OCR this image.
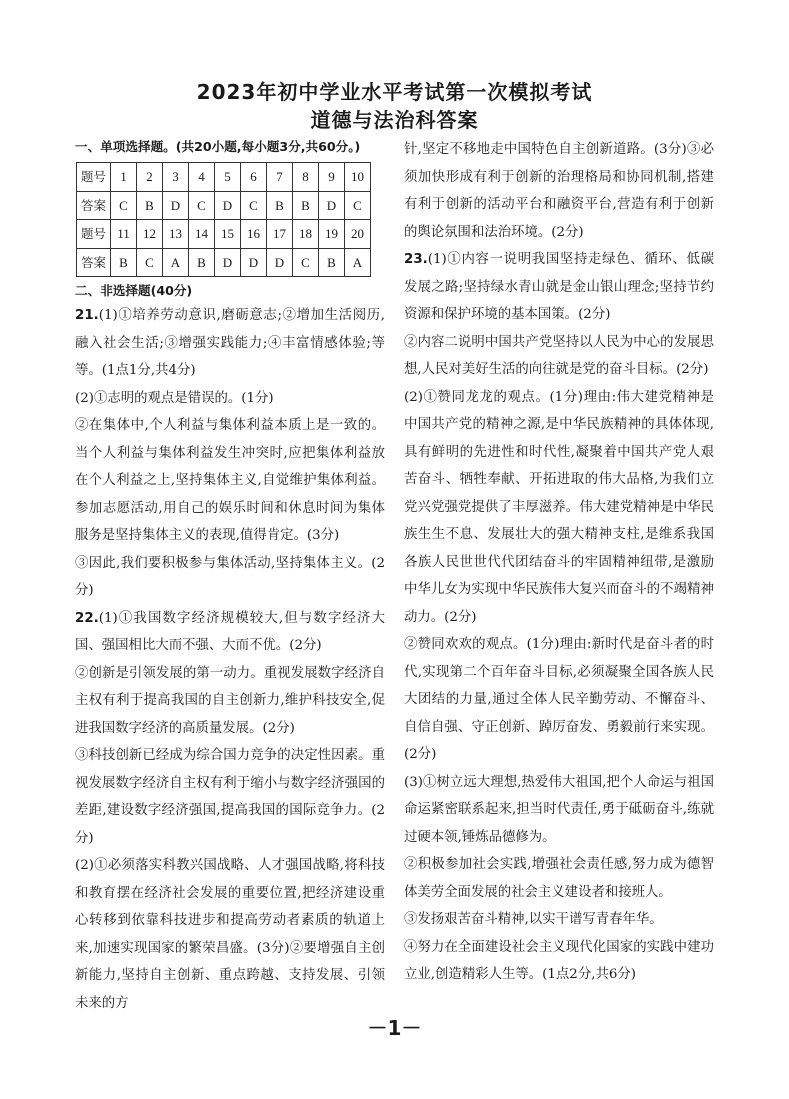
2023年初中学业水平考试第一次模拟考试
道德与法治科答案
一、单项选择题。(共20小题,每小题3分,共60分。)
题号	1	2	3	4	5	6	7	8	9	10
答案	C	B	D	C	D	C	B	B	D	C
题号	11	12	13	14	15	16	17	18	19	20
答案	B	C	A	B	D	D	D	C	B	A
二、非选择题(40分)

21.(1)①培养劳动意识,磨砺意志;②增加生活阅历,融入社会生活;③增强实践能力;④丰富情感体验;等等。(1点1分,共4分)

(2)①志明的观点是错误的。(1分)

②在集体中,个人利益与集体利益本质上是一致的。当个人利益与集体利益发生冲突时,应把集体利益放在个人利益之上,坚持集体主义,自觉维护集体利益。参加志愿活动,用自己的娱乐时间和休息时间为集体服务是坚持集体主义的表现,值得肯定。(3分)

③因此,我们要积极参与集体活动,坚持集体主义。(2分)

22.(1)①我国数字经济规模较大,但与数字经济大国、强国相比大而不强、大而不优。(2分)

②创新是引领发展的第一动力。重视发展数字经济自主权有利于提高我国的自主创新力,维护科技安全,促进我国数字经济的高质量发展。(2分)

③科技创新已经成为综合国力竞争的决定性因素。重视发展数字经济自主权有利于缩小与数字经济强国的差距,建设数字经济强国,提高我国的国际竞争力。(2分)

(2)①必须落实科教兴国战略、人才强国战略,将科技和教育摆在经济社会发展的重要位置,把经济建设重心转移到依靠科技进步和提高劳动者素质的轨道上来,加速实现国家的繁荣昌盛。(3分)②要增强自主创新能力,坚持自主创新、重点跨越、支持发展、引领未来的方

针,坚定不移地走中国特色自主创新道路。(3分)③必须加快形成有利于创新的治理格局和协同机制,搭建有利于创新的活动平台和融资平台,营造有利于创新的舆论氛围和法治环境。(2分)

23.(1)①内容一说明我国坚持走绿色、循环、低碳发展之路;坚持绿水青山就是金山银山理念;坚持节约资源和保护环境的基本国策。(2分)

②内容二说明中国共产党坚持以人民为中心的发展思想,人民对美好生活的向往就是党的奋斗目标。(2分)

(2)①赞同龙龙的观点。(1分)理由:伟大建党精神是中国共产党的精神之源,是中华民族精神的具体体现,具有鲜明的先进性和时代性,凝聚着中国共产党人艰苦奋斗、牺牲奉献、开拓进取的伟大品格,为我们立党兴党强党提供了丰厚滋养。伟大建党精神是中华民族生生不息、发展壮大的强大精神支柱,是维系我国各族人民世世代代团结奋斗的牢固精神纽带,是激励中华儿女为实现中华民族伟大复兴而奋斗的不竭精神动力。(2分)

②赞同欢欢的观点。(1分)理由:新时代是奋斗者的时代,实现第二个百年奋斗目标,必须凝聚全国各族人民大团结的力量,通过全体人民辛勤劳动、不懈奋斗、自信自强、守正创新、踔厉奋发、勇毅前行来实现。(2分)

(3)①树立远大理想,热爱伟大祖国,把个人命运与祖国命运紧密联系起来,担当时代责任,勇于砥砺奋斗,练就过硬本领,锤炼品德修为。

②积极参加社会实践,增强社会责任感,努力成为德智体美劳全面发展的社会主义建设者和接班人。

③发扬艰苦奋斗精神,以实干谱写青春年华。

④努力在全面建设社会主义现代化国家的实践中建功立业,创造精彩人生等。(1点2分,共6分)

－1－
